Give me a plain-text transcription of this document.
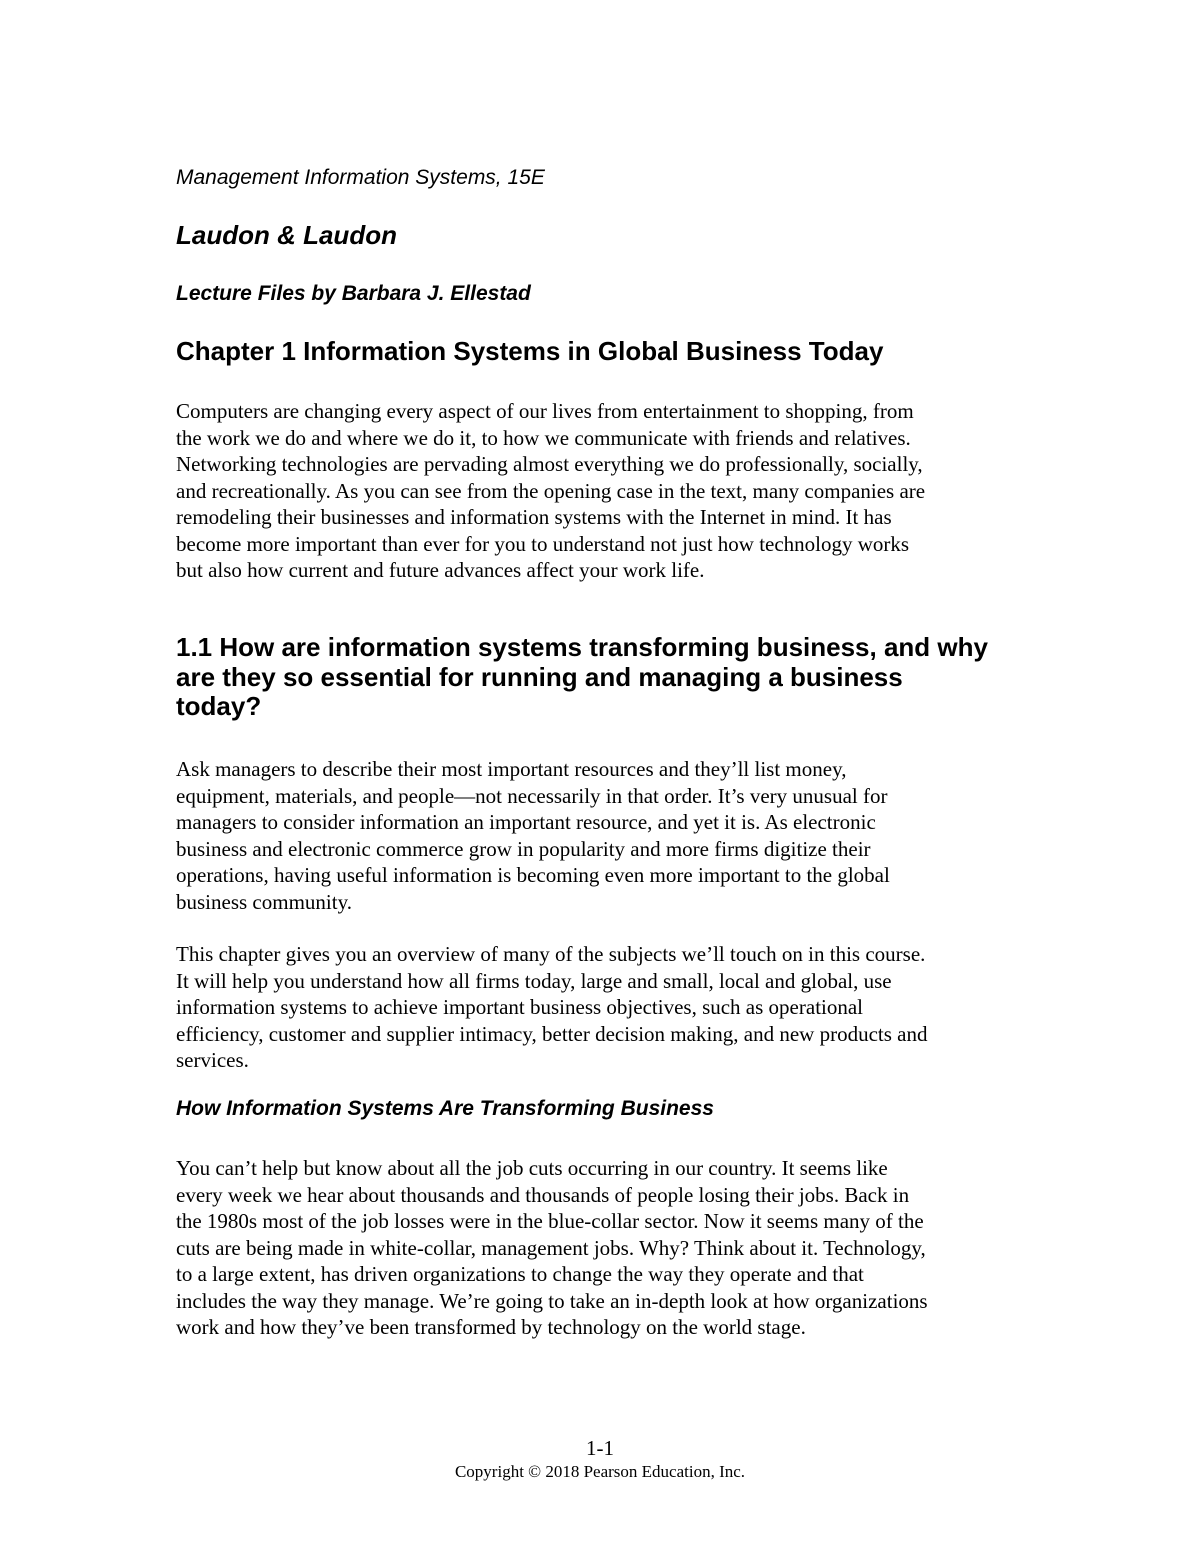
Management Information Systems, 15E
Laudon & Laudon
Lecture Files by Barbara J. Ellestad
Chapter 1 Information Systems in Global Business Today
Computers are changing every aspect of our lives from entertainment to shopping, from
the work we do and where we do it, to how we communicate with friends and relatives.
Networking technologies are pervading almost everything we do professionally, socially,
and recreationally. As you can see from the opening case in the text, many companies are
remodeling their businesses and information systems with the Internet in mind. It has
become more important than ever for you to understand not just how technology works
but also how current and future advances affect your work life.
1.1 How are information systems transforming business, and why
are they so essential for running and managing a business
today?
Ask managers to describe their most important resources and they’ll list money,
equipment, materials, and people—not necessarily in that order. It’s very unusual for
managers to consider information an important resource, and yet it is. As electronic
business and electronic commerce grow in popularity and more firms digitize their
operations, having useful information is becoming even more important to the global
business community.
This chapter gives you an overview of many of the subjects we’ll touch on in this course.
It will help you understand how all firms today, large and small, local and global, use
information systems to achieve important business objectives, such as operational
efficiency, customer and supplier intimacy, better decision making, and new products and
services.
How Information Systems Are Transforming Business
You can’t help but know about all the job cuts occurring in our country. It seems like
every week we hear about thousands and thousands of people losing their jobs. Back in
the 1980s most of the job losses were in the blue-collar sector. Now it seems many of the
cuts are being made in white-collar, management jobs. Why? Think about it. Technology,
to a large extent, has driven organizations to change the way they operate and that
includes the way they manage. We’re going to take an in-depth look at how organizations
work and how they’ve been transformed by technology on the world stage.
1-1
Copyright © 2018 Pearson Education, Inc.
